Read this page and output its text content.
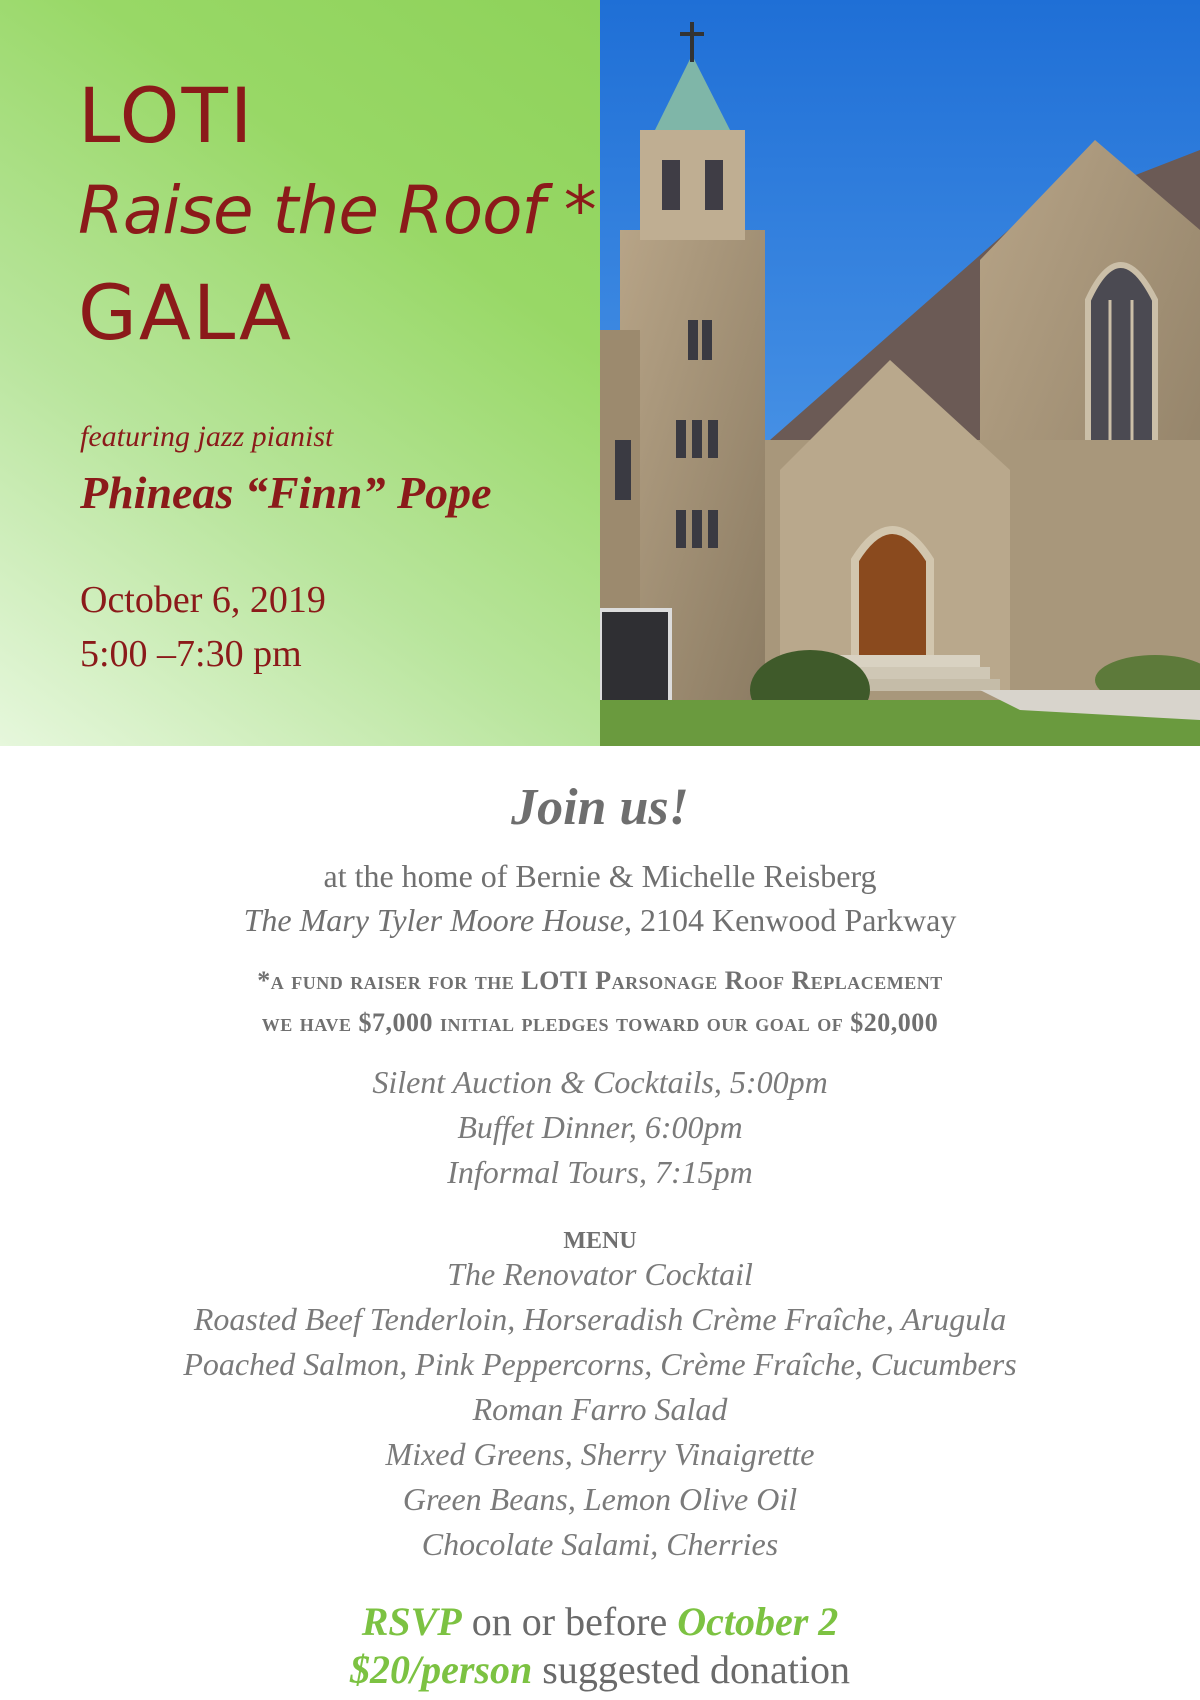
LOTI
Raise the Roof *
GALA
featuring jazz pianist
Phineas “Finn” Pope
October 6, 2019
5:00 –7:30 pm
Join us!
at the home of Bernie & Michelle Reisberg
The Mary Tyler Moore House, 2104 Kenwood Parkway
*a fund raiser for the LOTI Parsonage Roof Replacement
we have $7,000 initial pledges toward our goal of $20,000
Silent Auction & Cocktails, 5:00pm
Buffet Dinner, 6:00pm
Informal Tours, 7:15pm
MENU
The Renovator Cocktail
Roasted Beef Tenderloin, Horseradish Crème Fraîche, Arugula
Poached Salmon, Pink Peppercorns, Crème Fraîche, Cucumbers
Roman Farro Salad
Mixed Greens, Sherry Vinaigrette
Green Beans, Lemon Olive Oil
Chocolate Salami, Cherries
RSVP on or before October 2
$20/person suggested donation
